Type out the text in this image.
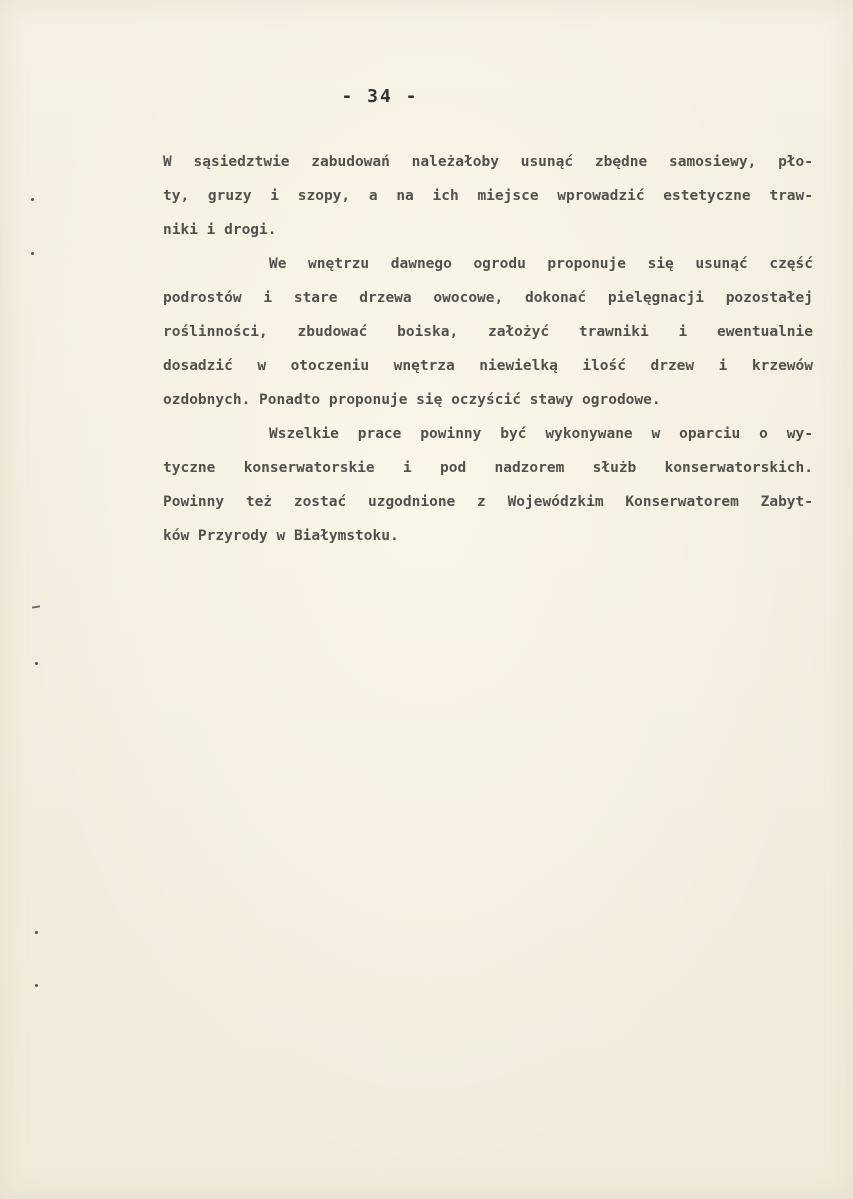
- 34 -
W sąsiedztwie zabudowań należałoby usunąć zbędne samosiewy, pło-
ty, gruzy i szopy, a na ich miejsce wprowadzić estetyczne traw-
niki i drogi.
We wnętrzu dawnego ogrodu proponuje się usunąć część
podrostów i stare drzewa owocowe, dokonać pielęgnacji pozostałej
roślinności, zbudować boiska, założyć trawniki i ewentualnie
dosadzić w otoczeniu wnętrza niewielką ilość drzew i krzewów
ozdobnych. Ponadto proponuje się oczyścić stawy ogrodowe.
Wszelkie prace powinny być wykonywane w oparciu o wy-
tyczne konserwatorskie i pod nadzorem służb konserwatorskich.
Powinny też zostać uzgodnione z Wojewódzkim Konserwatorem Zabyt-
ków Przyrody w Białymstoku.
